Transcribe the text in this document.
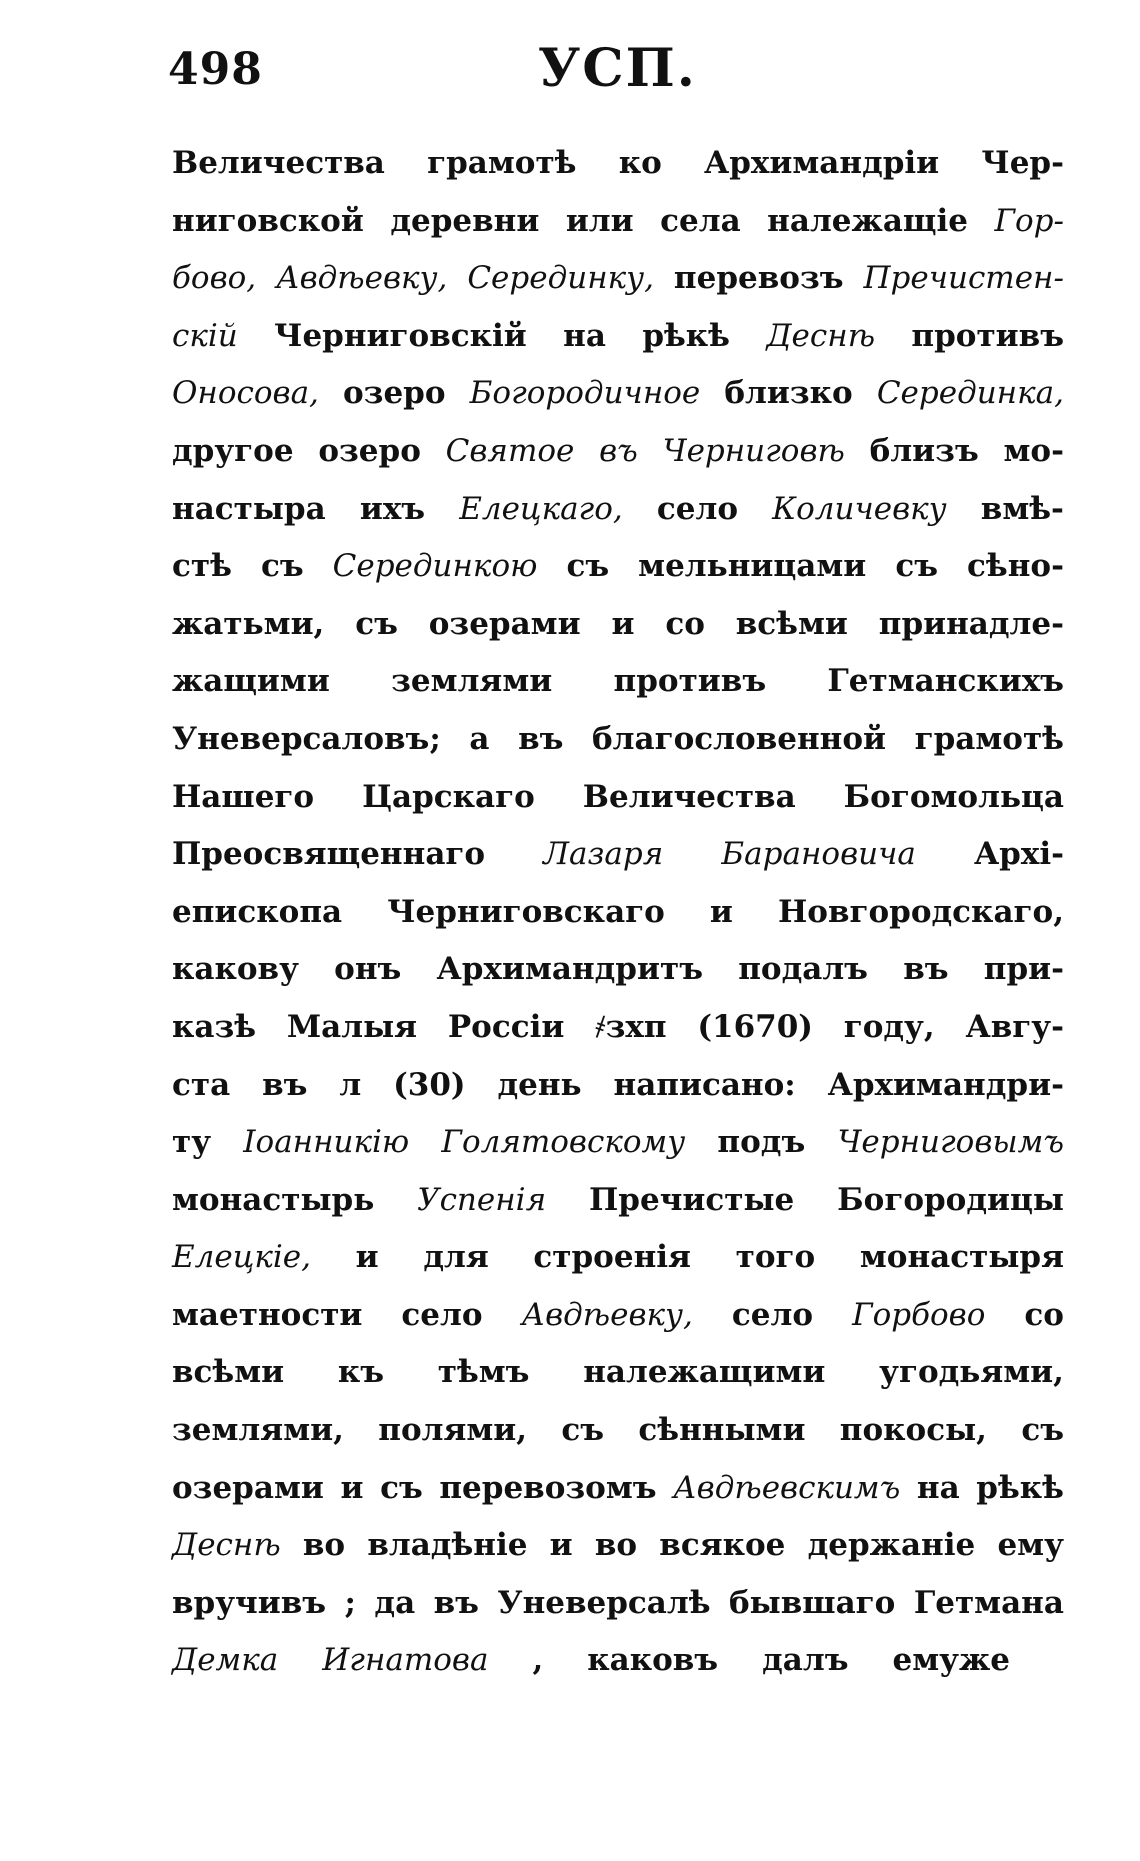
498	УСП.
Величества грамотѣ ко Архимандріи Чер-
ниговской деревни или села належащіе Гор-
бово, Авдѣевку, Серединку, перевозъ Пречистен-
скій Черниговскій на рѣкѣ Деснѣ противъ
Оносова, озеро Богородичное близко Серединка,
другое озеро Святое въ Черниговѣ близъ мо-
настыра ихъ Елецкаго, село Количевку вмѣ-
стѣ съ Серединкою съ мельницами съ сѣно-
жатьми, съ озерами и со всѣми принадле-
жащими землями противъ Гетманскихъ
Уневерсаловъ; а въ благословенной грамотѣ
Нашего Царскаго Величества Богомольца
Преосвященнаго Лазаря Барановича Архі-
епископа Черниговскаго и Новгородскаго,
какову онъ Архимандритъ подалъ въ при-
казѣ Малыя Россіи ҂зхп (1670) году, Авгу-
ста въ л (30) день написано: Архимандри-
ту Іоанникію Голятовскому подъ Черниговымъ
монастырь Успенія Пречистые Богородицы
Елецкіе, и для строенія того монастыря
маетности село Авдѣевку, село Горбово со
всѣми къ тѣмъ належащими угодьями,
землями, полями, съ сѣнными покосы, съ
озерами и съ перевозомъ Авдѣевскимъ на рѣкѣ
Деснѣ во владѣніе и во всякое держаніе ему
вручивъ ; да въ Уневерсалѣ бывшаго Гетмана
Демка Игнатова , каковъ далъ емуже
